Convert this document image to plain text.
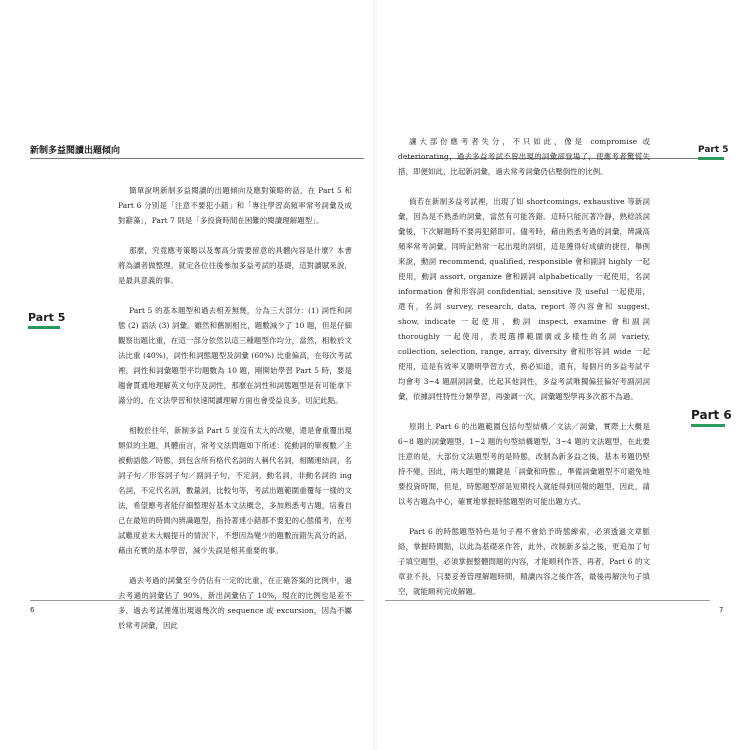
新制多益閱讀出題傾向
Part 5

簡單說明新制多益閱讀的出題傾向及應對策略的話，在 Part 5 和 Part 6 分別是「注意不要犯小錯」和「專注學習高頻率常考詞彙及成對辭藻」，Part 7 則是「多投資時間在困難的閱讀理解題型」。

那麼，究竟應考策略以及奪高分需要留意的具體內容是什麼？本書將為讀者做整理，就定各位往後參加多益考試的基礎，這對讀賦來說，是最具意義的事。

Part 5 的基本題型和過去相差無幾，分為三大部分：(1) 詞性和詞態 (2) 語法 (3) 詞彙。雖然和舊制相比，題數減少了 10 題，但是仔細觀察出題比重，在這一部分依然以這三種題型作均分，當然，相較於文法比重 (40%)，詞性和詞態題型及詞彙 (60%) 比重偏高，在每次考試裡，詞性和詞彙題型平均題數為 10 題，剛開始學習 Part 5 時，要是趨會貫通地理解英文句序及詞性，那麼在詞性和詞態題型是有可能拿下滿分的。在文法學習和快速閱讀理解方面也會受益良多，切記此點。

相較於往年，新制多益 Part 5 並沒有太大的改變，還是會重覆出現類似的主題，具體而言，常考文法問題如下所述：從動詞的單複數／主被動語態／時態，到包含所有格代名詞的人稱代名詞，相關連結詞，名詞子句／形容詞子句／副詞子句，不定詞，動名詞，非動名詞的 ing 名詞，不定代名詞，數量詞，比較句等，考試出題範圍重覆每一樣的文法，希望應考者能仔細整理好基本文法概念，多加熟悉考古題，培養自己在最短的時間內辨識題型，指持著達小錯都不要犯的心態備考，在考試難度並未大幅提升的情況下，不想因為變少的題數而錯失高分的話，藉由充實的基本學習，減少失誤是相其重要的事。

過去考過的詞彙至今仍佔有一定的比重，在正確答案的比例中，過去考過的詞彙佔了 90%，新出詞彙佔了 10%，現在的比例也是差不多，過去考試裡僅出現過幾次的 sequence 或 excursion，因為不屬於常考詞彙，因此

6
Part 5
Part 6

讓大部份應考者失分，不只如此，像是 compromise 或 deteriorating，過去多益考試不曾出現的詞彙卻登場了，使應考者驚慌失措，即便如此，比起新詞彙，過去常考詞彙仍佔壓倒性的比例。

倘若在新制多益考試裡，出現了如 shortcomings, exhaustive 等新詞彙，因為是不熟悉的詞彙，當然有可能答錯。這時只能沉著冷靜，熟稔該詞彙後，下次解題時不要再犯錯即可。儘考時，藉由熟悉考過的詞彙，辨識高頻率常考詞彙，同時記熟常一起出現的詞組，這是獲得好成績的捷徑，舉例來說，動詞 recommend, qualified, responsible 會和副詞 highly 一起使用，動詞 assort, organize 會和副詞 alphabetically 一起使用，名詞 information 會和形容詞 confidential, sensitive 及 useful 一起使用，還有，名詞 survey, research, data, report 等內容會和 suggest, show, indicate 一起使用，動詞 inspect, examine 會和副詞 thoroughly 一起使用，表現選擇範圍廣或多樣性的名詞 variety, collection, selection, range, array, diversity 會和形容詞 wide 一起使用，這是有效率又聰明學習方式，務必知道，還有，每個月的多益考試平均會考 3~4 題副詞詞彙，比起其他詞性，多益考試唯獨偏狂偏好考副詞詞彙，依據詞性特性分類學習，再強調一次，詞彙題型學再多次都不為過。

原則上 Part 6 的出題範圍包括句型結構／文法／詞彙，實際上大概是 6~8 題的詞彙題型，1~2 題的句型結構題型，3~4 題的文法題型，在此要注意的是，大部份文法題型考的是時態，改制為新多益之後，基本考題仍堅持不變，因此，兩大題型的關鍵是「詞彙和時態」，準備詞彙題型不可避免地要投資時間，但是，時態題型卻是短期投入就能得到回報的題型，因此，請以考古題為中心，確實地掌握時態題型的可能出題方式。

Part 6 的時態題型特色是句子裡不會給予時態線索，必須透過文章脈絡，掌握時間點，以此為基礎來作答，此外，改制新多益之後，更追加了句子填空題型，必須掌握整體問題的內容，才能順利作答，再者，Part 6 的文章並不長，只要妥善管理解題時間，精讀內容之後作答，最後再解決句子填空，就能順利完成解題。

7
